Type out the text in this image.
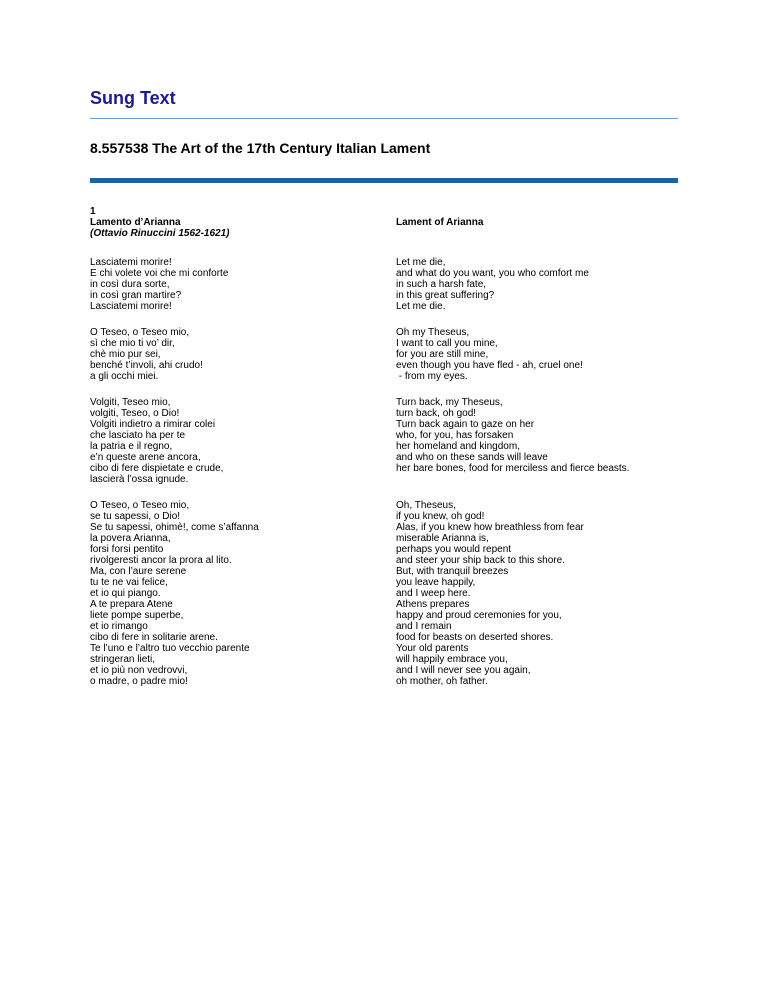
Sung Text
8.557538 The Art of the 17th Century Italian Lament
1
Lamento d’Arianna
(Ottavio Rinuccini 1562-1621)
Lament of Arianna
Lasciatemi morire!
E chi volete voi che mi conforte
in così dura sorte,
in così gran martire?
Lasciatemi morire!
Let me die,
and what do you want, you who comfort me
in such a harsh fate,
in this great suffering?
Let me die.
O Teseo, o Teseo mio,
sì che mio ti vo’ dir,
chè mio pur sei,
benché t’involi, ahi crudo!
a gli occhi miei.
Oh my Theseus,
I want to call you mine,
for you are still mine,
even though you have fled - ah, cruel one!
- from my eyes.
Volgiti, Teseo mio,
volgiti, Teseo, o Dio!
Volgiti indietro a rimirar colei
che lasciato ha per te
la patria e il regno,
e’n queste arene ancora,
cibo di fere dispietate e crude,
lascierà l’ossa ignude.
Turn back, my Theseus,
turn back, oh god!
Turn back again to gaze on her
who, for you, has forsaken
her homeland and kingdom,
and who on these sands will leave
her bare bones, food for merciless and fierce beasts.
O Teseo, o Teseo mio,
se tu sapessi, o Dio!
Se tu sapessi, ohimè!, come s’affanna
la povera Arianna,
forsi forsi pentito
rivolgeresti ancor la prora al lito.
Ma, con l’aure serene
tu te ne vai felice,
et io qui piango.
A te prepara Atene
liete pompe superbe,
et io rimango
cibo di fere in solitarie arene.
Te l’uno e l’altro tuo vecchio parente
stringeran lieti,
et io più non vedrovvi,
o madre, o padre mio!
Oh, Theseus,
if you knew, oh god!
Alas, if you knew how breathless from fear
miserable Arianna is,
perhaps you would repent
and steer your ship back to this shore.
But, with tranquil breezes
you leave happily,
and I weep here.
Athens prepares
happy and proud ceremonies for you,
and I remain
food for beasts on deserted shores.
Your old parents
will happily embrace you,
and I will never see you again,
oh mother, oh father.
